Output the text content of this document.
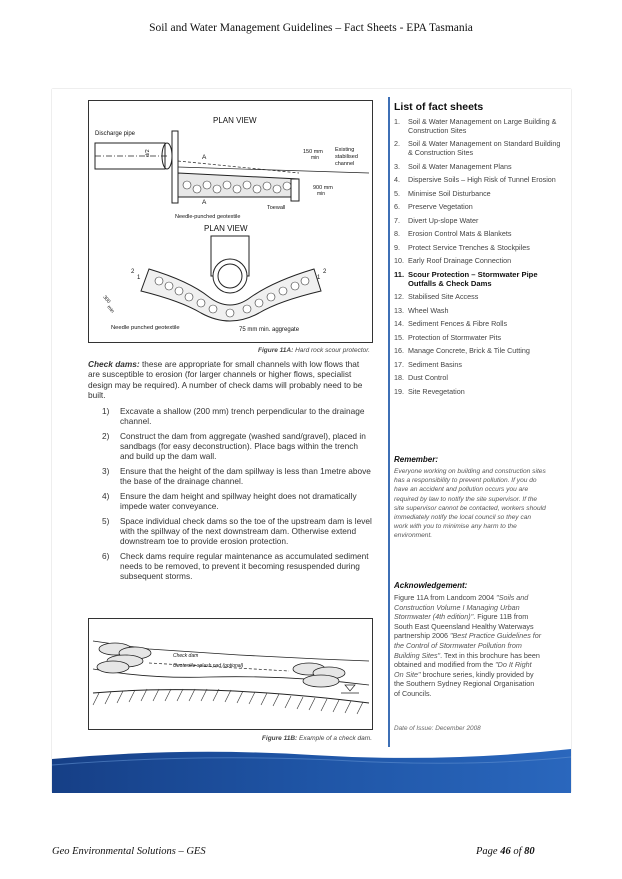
Soil and Water Management Guidelines – Fact Sheets - EPA Tasmania
PLAN VIEW
Discharge pipe
d/2
A
A
150 mm
min
Existing
stabilised
channel
900 mm
min
Toewall
Needle-punched geotextile
PLAN VIEW
2
1
2
1
300
min
Needle punched geotextile	75 mm min. aggregate
Figure 11A: Hard rock scour protector.
Check dams: these are appropriate for small channels with low flows that are susceptible to erosion (for larger channels or higher flows, specialist design may be required). A number of check dams will probably need to be built.
1) Excavate a shallow (200 mm) trench perpendicular to the drainage channel.
2) Construct the dam from aggregate (washed sand/gravel), placed in sandbags (for easy deconstruction). Place bags within the trench and build up the dam wall.
3) Ensure that the height of the dam spillway is less than 1metre above the base of the drainage channel.
4) Ensure the dam height and spillway height does not dramatically impede water conveyance.
5) Space individual check dams so the toe of the upstream dam is level with the spillway of the next downstream dam. Otherwise extend downstream toe to provide erosion protection.
6) Check dams require regular maintenance as accumulated sediment needs to be removed, to prevent it becoming resuspended during subsequent storms.
Check dam
Geotextile splash pad (optional)
Figure 11B: Example of a check dam.
List of fact sheets
1. Soil & Water Management on Large Building & Construction Sites
2. Soil & Water Management on Standard Building & Construction Sites
3. Soil & Water Management Plans
4. Dispersive Soils – High Risk of Tunnel Erosion
5. Minimise Soil Disturbance
6. Preserve Vegetation
7. Divert Up-slope Water
8. Erosion Control Mats & Blankets
9. Protect Service Trenches & Stockpiles
10. Early Roof Drainage Connection
11. Scour Protection – Stormwater Pipe Outfalls & Check Dams
12. Stabilised Site Access
13. Wheel Wash
14. Sediment Fences & Fibre Rolls
15. Protection of Stormwater Pits
16. Manage Concrete, Brick & Tile Cutting
17. Sediment Basins
18. Dust Control
19. Site Revegetation
Remember:
Everyone working on building and construction sites has a responsibility to prevent pollution. If you do have an accident and pollution occurs you are required by law to notify the site supervisor. If the site supervisor cannot be contacted, workers should immediately notify the local council so they can work with you to minimise any harm to the environment.
Acknowledgement:
Figure 11A from Landcom 2004 "Soils and Construction Volume I Managing Urban Stormwater (4th edition)". Figure 11B from South East Queensland Healthy Waterways partnership 2006 "Best Practice Guidelines for the Control of Stormwater Pollution from Building Sites". Text in this brochure has been obtained and modified from the "Do It Right On Site" brochure series, kindly provided by the Southern Sydney Regional Organisation of Councils.
Date of Issue: December 2008
Geo Environmental Solutions – GES	Page 46 of 80
